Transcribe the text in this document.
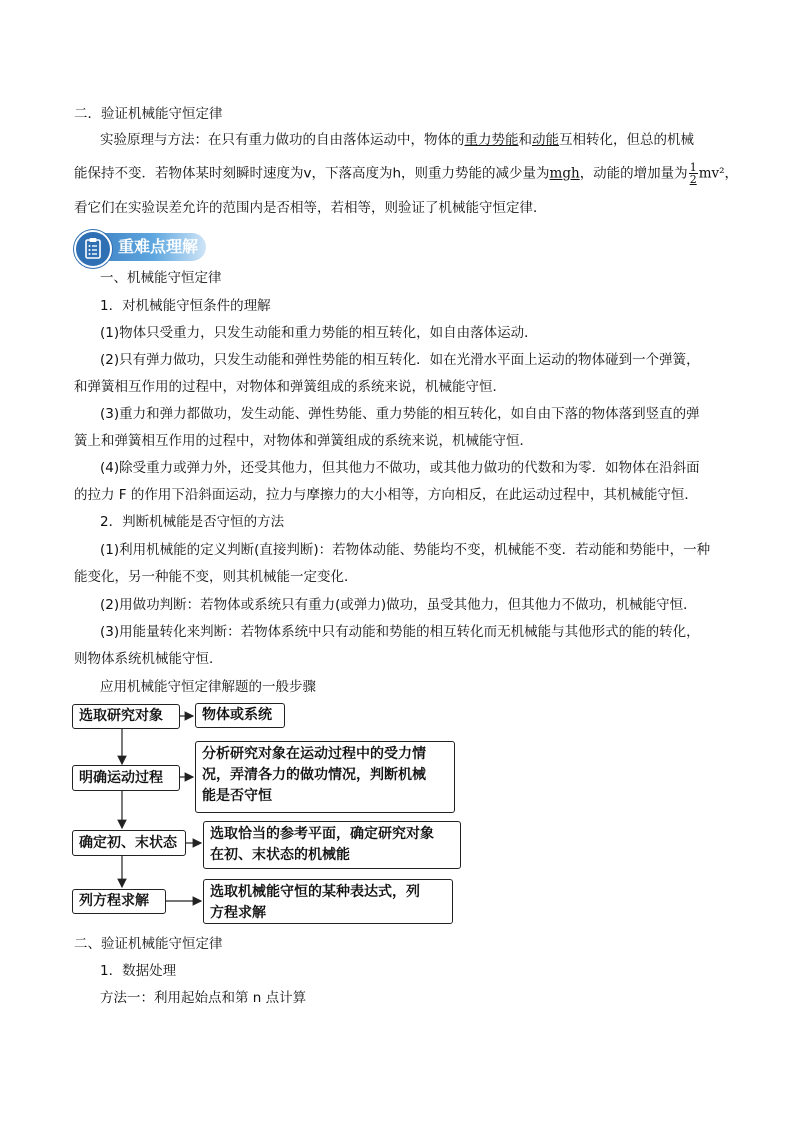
二．验证机械能守恒定律
实验原理与方法：在只有重力做功的自由落体运动中，物体的重力势能和动能互相转化，但总的机械
能保持不变．若物体某时刻瞬时速度为v，下落高度为h，则重力势能的减少量为mgh，动能的增加量为 $\frac{1}{2} mv^2$，
看它们在实验误差允许的范围内是否相等，若相等，则验证了机械能守恒定律．
重难点理解
一、机械能守恒定律
1．对机械能守恒条件的理解
(1)物体只受重力，只发生动能和重力势能的相互转化，如自由落体运动．
(2)只有弹力做功，只发生动能和弹性势能的相互转化．如在光滑水平面上运动的物体碰到一个弹簧，
和弹簧相互作用的过程中，对物体和弹簧组成的系统来说，机械能守恒．
(3)重力和弹力都做功，发生动能、弹性势能、重力势能的相互转化，如自由下落的物体落到竖直的弹
簧上和弹簧相互作用的过程中，对物体和弹簧组成的系统来说，机械能守恒．
(4)除受重力或弹力外，还受其他力，但其他力不做功，或其他力做功的代数和为零．如物体在沿斜面
的拉力 F 的作用下沿斜面运动，拉力与摩擦力的大小相等，方向相反，在此运动过程中，其机械能守恒．
2．判断机械能是否守恒的方法
(1)利用机械能的定义判断(直接判断)：若物体动能、势能均不变，机械能不变．若动能和势能中，一种
能变化，另一种能不变，则其机械能一定变化．
(2)用做功判断：若物体或系统只有重力(或弹力)做功，虽受其他力，但其他力不做功，机械能守恒．
(3)用能量转化来判断：若物体系统中只有动能和势能的相互转化而无机械能与其他形式的能的转化，
则物体系统机械能守恒．
应用机械能守恒定律解题的一般步骤
选取研究对象	物体或系统
明确运动过程
分析研究对象在运动过程中的受力情
况，弄清各力的做功情况，判断机械
能是否守恒
确定初、末状态
选取恰当的参考平面，确定研究对象
在初、末状态的机械能
列方程求解
选取机械能守恒的某种表达式，列
方程求解
二、验证机械能守恒定律
1．数据处理
方法一：利用起始点和第 n 点计算
